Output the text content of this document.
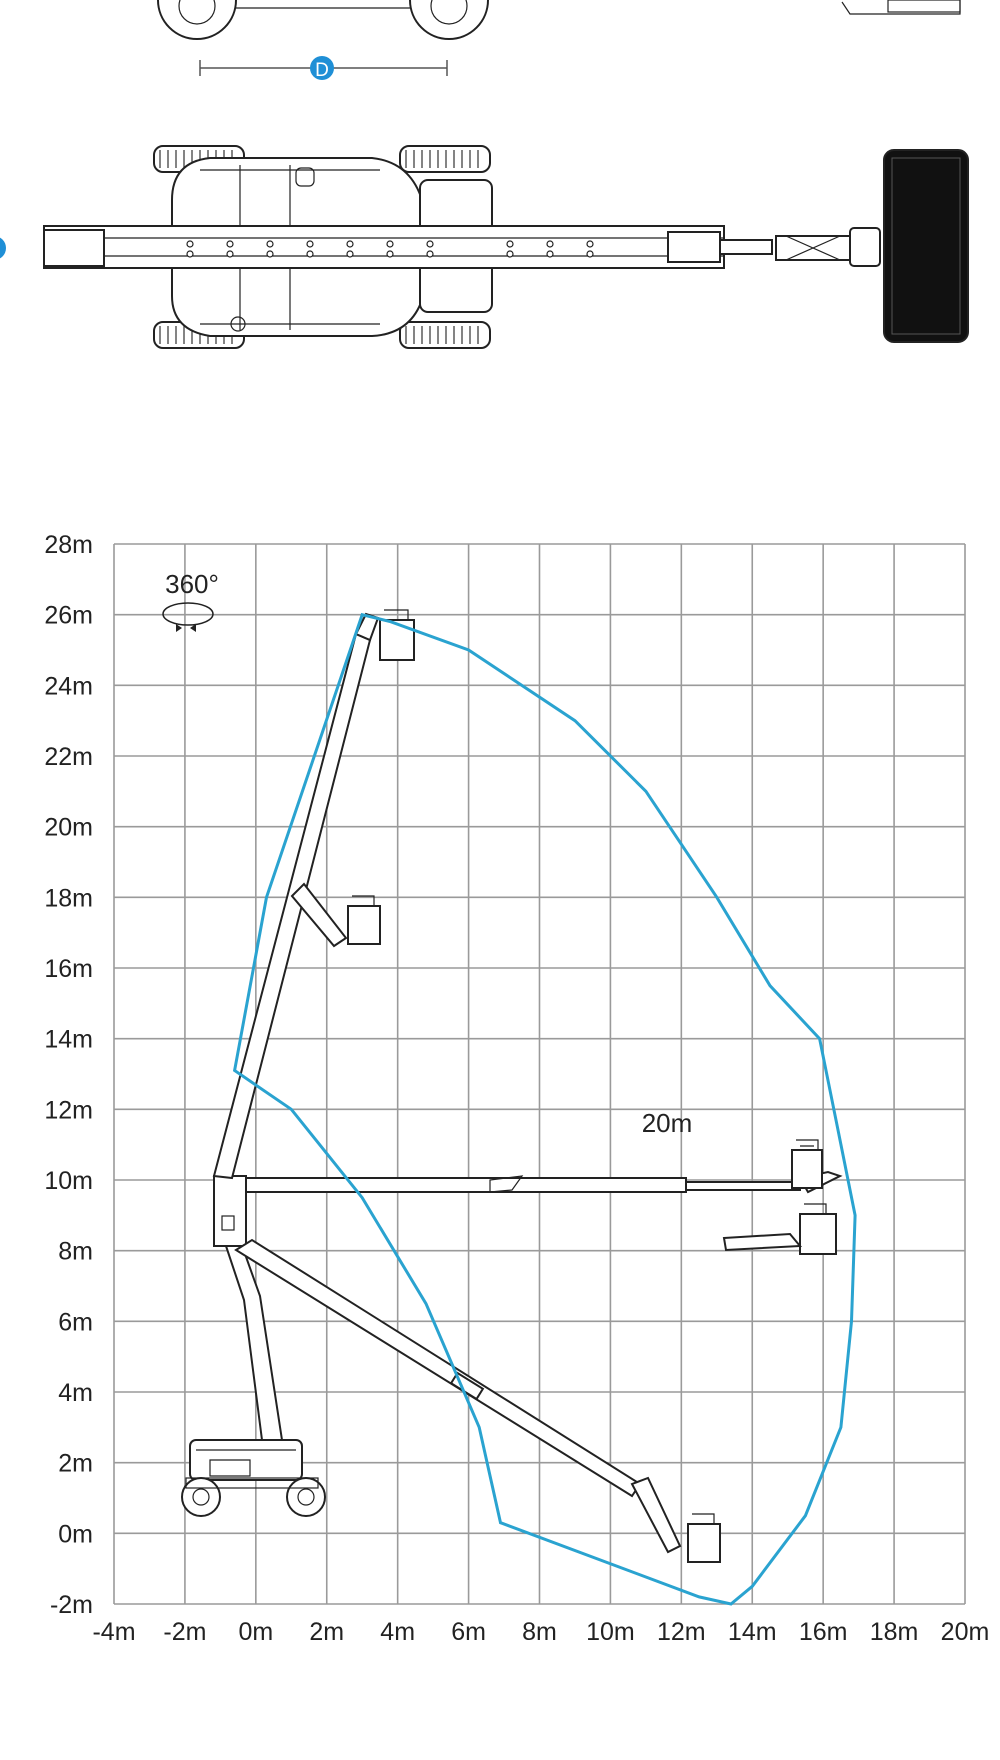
D
-4m -2m 0m 2m 4m 6m 8m 10m 12m 14m 16m 18m 20m
-2m
0m
2m
4m
6m
8m
10m
12m
14m
16m
18m
20m
22m
24m
26m
28m
360°
20m
